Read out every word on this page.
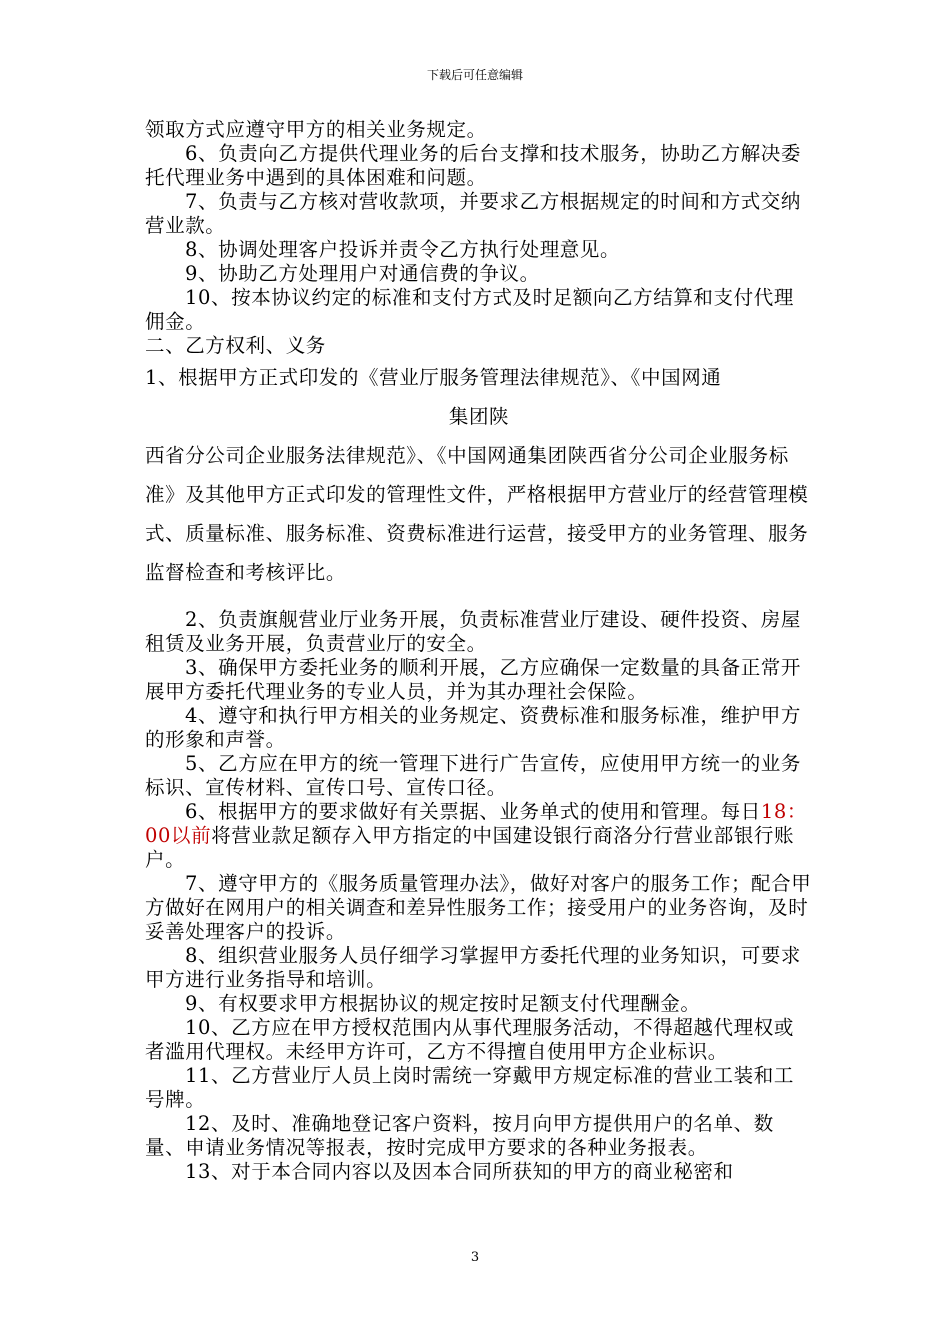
下载后可任意编辑

领取方式应遵守甲方的相关业务规定。

6、负责向乙方提供代理业务的后台支撑和技术服务，协助乙方解决委托代理业务中遇到的具体困难和问题。

7、负责与乙方核对营收款项，并要求乙方根据规定的时间和方式交纳营业款。

8、协调处理客户投诉并责令乙方执行处理意见。

9、协助乙方处理用户对通信费的争议。

10、按本协议约定的标准和支付方式及时足额向乙方结算和支付代理佣金。

二、乙方权利、义务

1、根据甲方正式印发的《营业厅服务管理法律规范》、《中国网通

集团陕

西省分公司企业服务法律规范》、《中国网通集团陕西省分公司企业服务标准》及其他甲方正式印发的管理性文件，严格根据甲方营业厅的经营管理模式、质量标准、服务标准、资费标准进行运营，接受甲方的业务管理、服务监督检查和考核评比。

2、负责旗舰营业厅业务开展，负责标准营业厅建设、硬件投资、房屋租赁及业务开展，负责营业厅的安全。

3、确保甲方委托业务的顺利开展，乙方应确保一定数量的具备正常开展甲方委托代理业务的专业人员，并为其办理社会保险。

4、遵守和执行甲方相关的业务规定、资费标准和服务标准，维护甲方的形象和声誉。

5、乙方应在甲方的统一管理下进行广告宣传，应使用甲方统一的业务标识、宣传材料、宣传口号、宣传口径。

6、根据甲方的要求做好有关票据、业务单式的使用和管理。每日18：00以前将营业款足额存入甲方指定的中国建设银行商洛分行营业部银行账户。

7、遵守甲方的《服务质量管理办法》，做好对客户的服务工作；配合甲方做好在网用户的相关调查和差异性服务工作；接受用户的业务咨询，及时妥善处理客户的投诉。

8、组织营业服务人员仔细学习掌握甲方委托代理的业务知识，可要求甲方进行业务指导和培训。

9、有权要求甲方根据协议的规定按时足额支付代理酬金。

10、乙方应在甲方授权范围内从事代理服务活动，不得超越代理权或者滥用代理权。未经甲方许可，乙方不得擅自使用甲方企业标识。

11、乙方营业厅人员上岗时需统一穿戴甲方规定标准的营业工装和工号牌。

12、及时、准确地登记客户资料，按月向甲方提供用户的名单、数量、申请业务情况等报表，按时完成甲方要求的各种业务报表。

13、对于本合同内容以及因本合同所获知的甲方的商业秘密和

3
